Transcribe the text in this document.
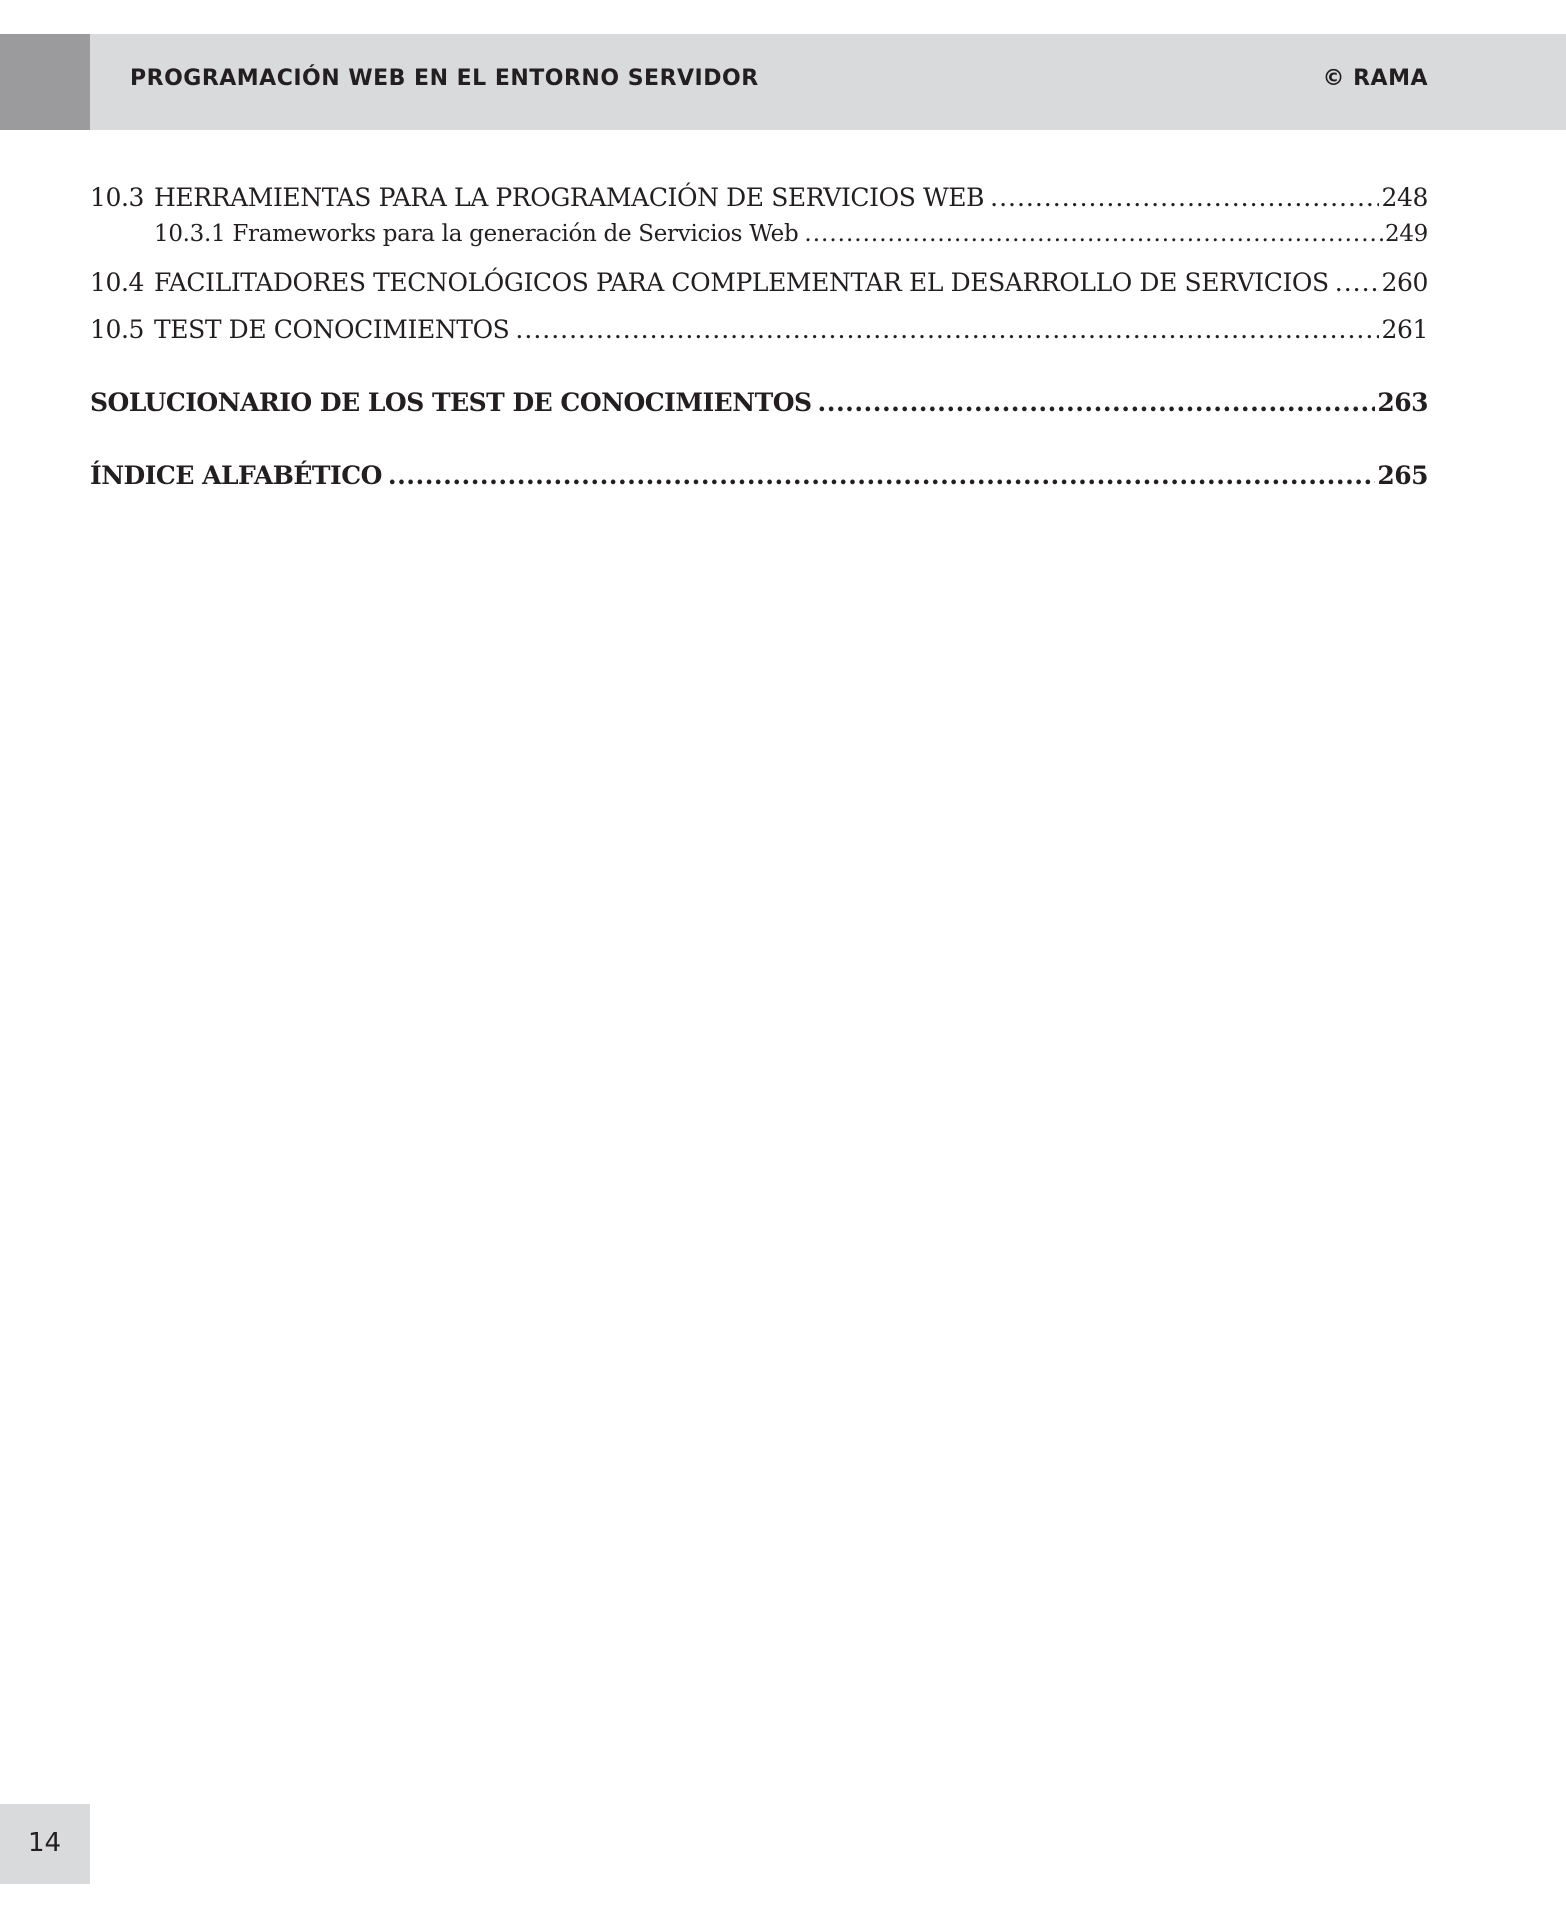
PROGRAMACIÓN WEB EN EL ENTORNO SERVIDOR	© RAMA
10.3 HERRAMIENTAS PARA LA PROGRAMACIÓN DE SERVICIOS WEB .....	248
10.3.1 Frameworks para la generación de Servicios Web .....	249
10.4 FACILITADORES TECNOLÓGICOS PARA COMPLEMENTAR EL DESARROLLO DE SERVICIOS ..... 260
10.5 TEST DE CONOCIMIENTOS .....	261
SOLUCIONARIO DE LOS TEST DE CONOCIMIENTOS .....	263
ÍNDICE ALFABÉTICO .....	265
14
